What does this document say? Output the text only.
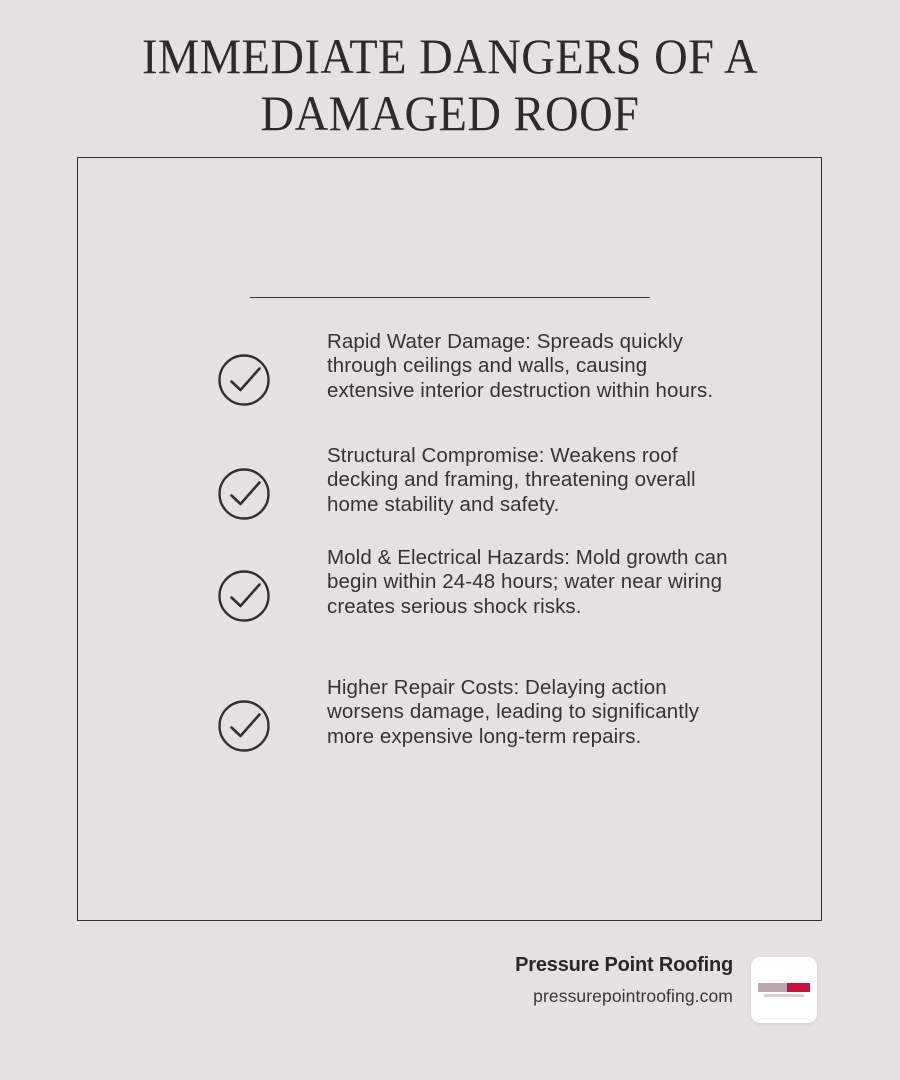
IMMEDIATE DANGERS OF A DAMAGED ROOF
Rapid Water Damage: Spreads quickly through ceilings and walls, causing extensive interior destruction within hours.
Structural Compromise: Weakens roof decking and framing, threatening overall home stability and safety.
Mold & Electrical Hazards: Mold growth can begin within 24-48 hours; water near wiring creates serious shock risks.
Higher Repair Costs: Delaying action worsens damage, leading to significantly more expensive long-term repairs.
Pressure Point Roofing
pressurepointroofing.com
